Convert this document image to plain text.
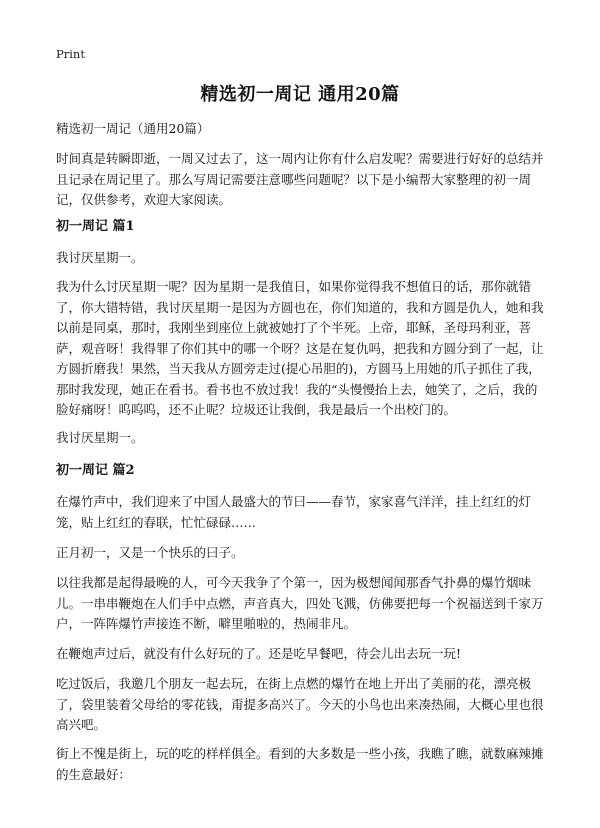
Print
精选初一周记 通用20篇

精选初一周记（通用20篇）

时间真是转瞬即逝，一周又过去了，这一周内让你有什么启发呢？需要进行好好的总结并且记录在周记里了。那么写周记需要注意哪些问题呢？以下是小编帮大家整理的初一周记，仅供参考，欢迎大家阅读。

初一周记 篇1

我讨厌星期一。

我为什么讨厌星期一呢？因为星期一是我值日，如果你觉得我不想值日的话，那你就错了，你大错特错，我讨厌星期一是因为方圆也在，你们知道的，我和方圆是仇人，她和我以前是同桌，那时，我刚坐到座位上就被她打了个半死。上帝，耶稣，圣母玛利亚，菩萨，观音呀！我得罪了你们其中的哪一个呀？这是在复仇吗，把我和方圆分到了一起，让方圆折磨我！果然，当天我从方圆旁走过(提心吊胆的)，方圆马上用她的爪子抓住了我，那时我发现，她正在看书。看书也不放过我！我的“头慢慢抬上去，她笑了，之后，我的脸好痛呀！呜呜呜，还不止呢？垃圾还让我倒，我是最后一个出校门的。

我讨厌星期一。

初一周记 篇2

在爆竹声中，我们迎来了中国人最盛大的节曰——春节，家家喜气洋洋，挂上红红的灯笼，贴上红红的春联，忙忙碌碌……

正月初一，又是一个快乐的曰子。

以往我都是起得最晚的人，可今天我争了个第一，因为极想闻闻那香气扑鼻的爆竹烟味儿。一串串鞭炮在人们手中点燃，声音真大，四处飞溅，仿佛要把每一个祝福送到千家万户，一阵阵爆竹声接连不断，噼里啪啦的，热闹非凡。

在鞭炮声过后，就没有什么好玩的了。还是吃早餐吧，待会儿出去玩一玩!

吃过饭后，我邀几个朋友一起去玩，在街上点燃的爆竹在地上开出了美丽的花，漂亮极了，袋里装着父母给的零花钱，甭提多高兴了。今天的小鸟也出来凑热闹，大概心里也很高兴吧。

街上不愧是街上，玩的吃的样样俱全。看到的大多数是一些小孩，我瞧了瞧，就数麻辣摊的生意最好：
